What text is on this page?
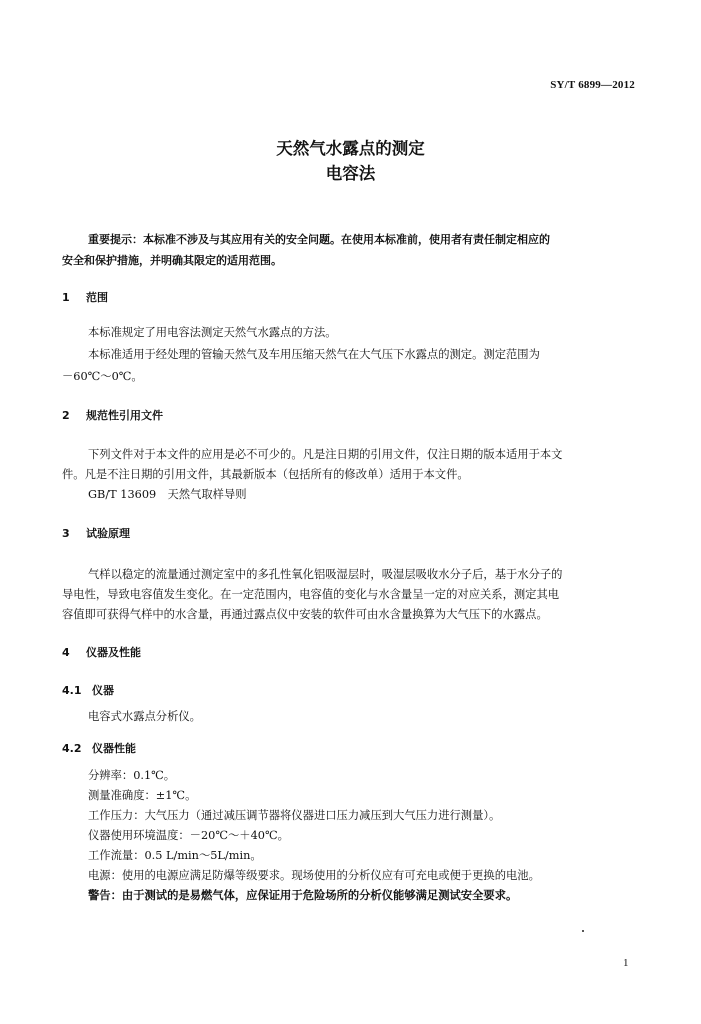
SY/T 6899—2012
天然气水露点的测定
电容法
重要提示：本标准不涉及与其应用有关的安全问题。在使用本标准前，使用者有责任制定相应的
安全和保护措施，并明确其限定的适用范围。
1 范围
本标准规定了用电容法测定天然气水露点的方法。
本标准适用于经处理的管输天然气及车用压缩天然气在大气压下水露点的测定。测定范围为
－60℃～0℃。
2 规范性引用文件
下列文件对于本文件的应用是必不可少的。凡是注日期的引用文件，仅注日期的版本适用于本文
件。凡是不注日期的引用文件，其最新版本（包括所有的修改单）适用于本文件。
GB/T 13609　天然气取样导则
3 试验原理
气样以稳定的流量通过测定室中的多孔性氧化铝吸湿层时，吸湿层吸收水分子后，基于水分子的
导电性，导致电容值发生变化。在一定范围内，电容值的变化与水含量呈一定的对应关系，测定其电
容值即可获得气样中的水含量，再通过露点仪中安装的软件可由水含量换算为大气压下的水露点。
4 仪器及性能
4.1 仪器
电容式水露点分析仪。
4.2 仪器性能
分辨率：0.1℃。
测量准确度：±1℃。
工作压力：大气压力（通过减压调节器将仪器进口压力减压到大气压力进行测量）。
仪器使用环境温度：－20℃～＋40℃。
工作流量：0.5 L/min～5L/min。
电源：使用的电源应满足防爆等级要求。现场使用的分析仪应有可充电或便于更换的电池。
警告：由于测试的是易燃气体，应保证用于危险场所的分析仪能够满足测试安全要求。
1
